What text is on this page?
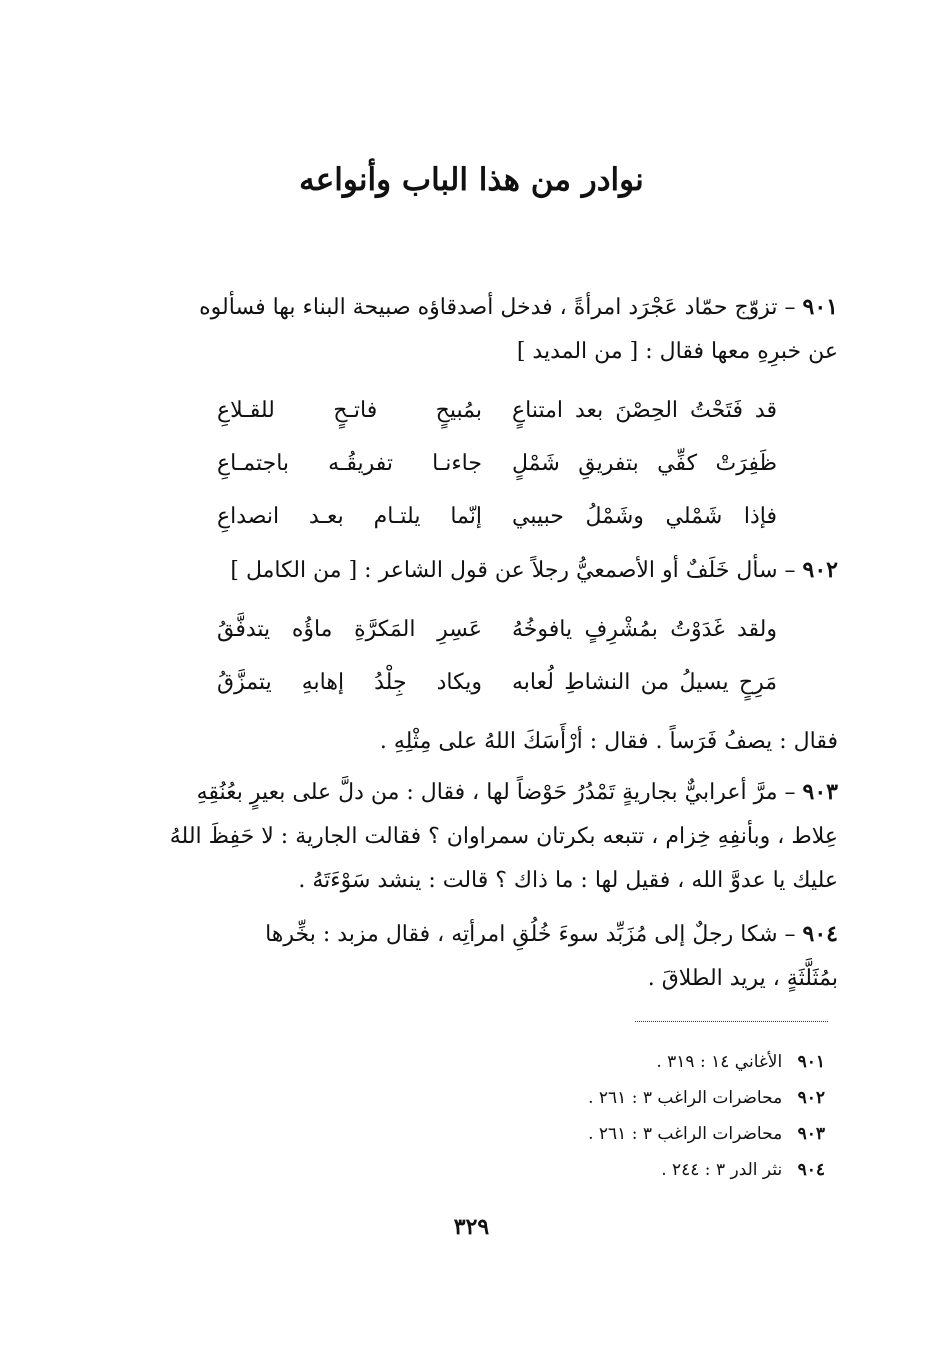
نوادر من هذا الباب وأنواعه

٩٠١ – تزوّج حمّاد عَجْرَد امرأةً ، فدخل أصدقاؤه صبيحة البناء بها فسألوه
عن خبرِهِ معها فقال : [ من المديد ]

قد فَتَحْتُ الحِصْنَ بعد امتناعٍ
بمُبيحٍ فاتـحٍ للقـلاعِ
ظَفِرَتْ كفِّي بتفريقِ شَمْلٍ
جاءنـا تفريقُـه باجتمـاعِ
فإذا شَمْلي وشَمْلُ حبيبي
إنّما يلتـام بعـد انصداعِ

٩٠٢ – سأل خَلَفٌ أو الأصمعيُّ رجلاً عن قول الشاعر : [ من الكامل ]

ولقد غَدَوْتُ بمُشْرِفٍ يافوخُهُ
عَسِرِ المَكرَّةِ ماؤُه يتدفَّقُ
مَرِحٍ يسيلُ من النشاطِ لُعابه
ويكاد جِلْدُ إهابهِ يتمزَّقُ

فقال : يصفُ فَرَساً . فقال : أرْأَسَكَ اللهُ على مِثْلِهِ .

٩٠٣ – مرَّ أعرابيٌّ بجاريةٍ تَمْدُرُ حَوْضاً لها ، فقال : من دلَّ على بعيرٍ بعُنُقِهِ
عِلاط ، وبأنفِهِ خِزام ، تتبعه بكرتان سمراوان ؟ فقالت الجارية : لا حَفِظَ اللهُ
عليك يا عدوَّ الله ، فقيل لها : ما ذاك ؟ قالت : ينشد سَوْءَتَهُ .

٩٠٤ – شكا رجلٌ إلى مُزَبِّد سوءَ خُلُقِ امرأتِه ، فقال مزبد : بخِّرها
بمُثَلَّثَةٍ ، يريد الطلاقَ .

٩٠١ الأغاني ١٤ : ٣١٩ .
٩٠٢ محاضرات الراغب ٣ : ٢٦١ .
٩٠٣ محاضرات الراغب ٣ : ٢٦١ .
٩٠٤ نثر الدر ٣ : ٢٤٤ .
٣٢٩
